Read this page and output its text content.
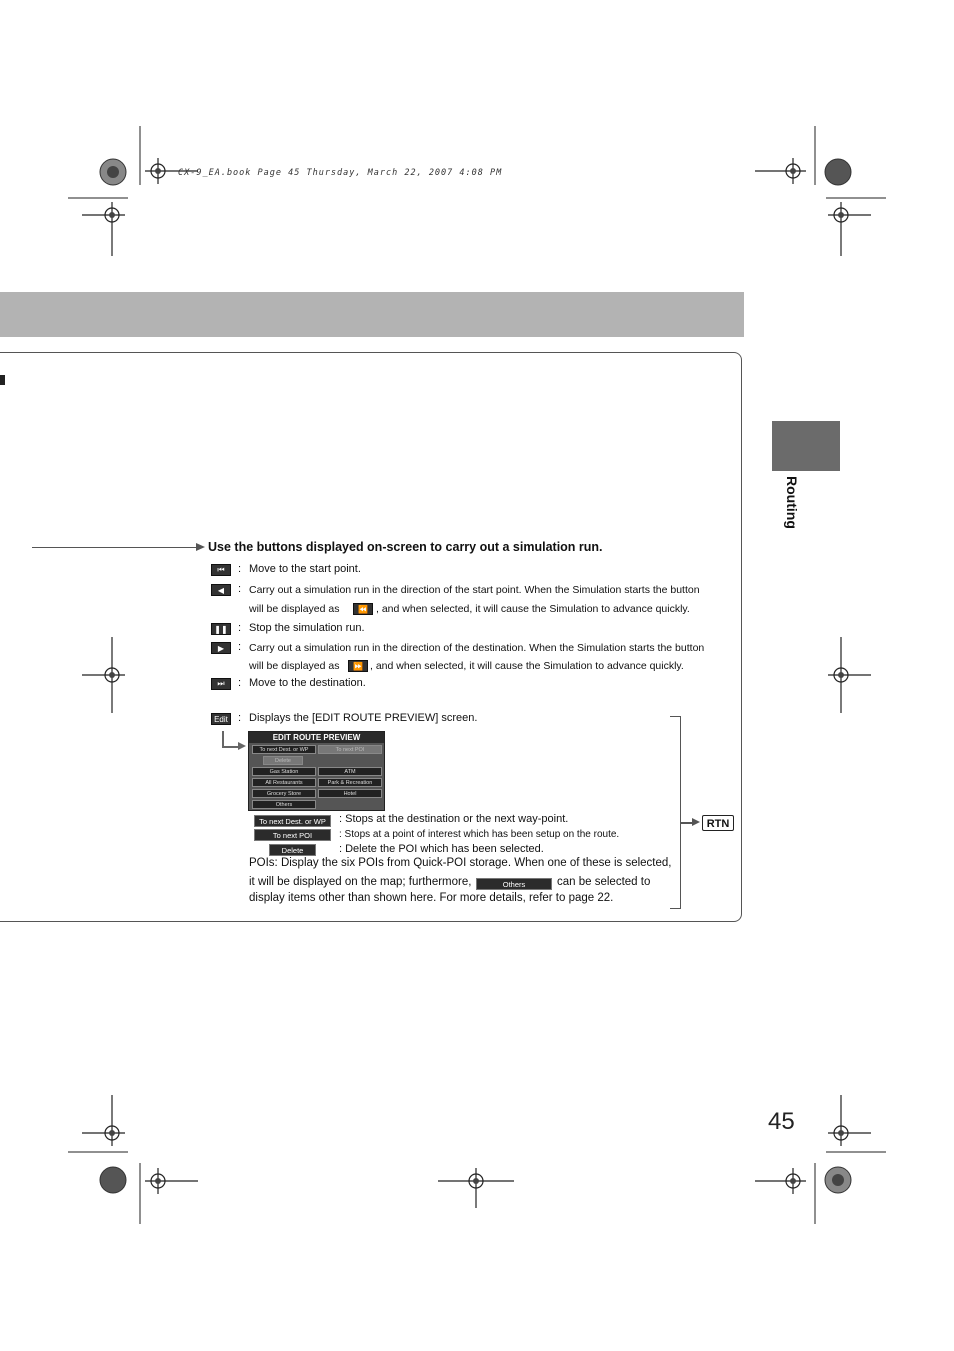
CX-9_EA.book Page 45 Thursday, March 22, 2007 4:08 PM
Routing
Use the buttons displayed on-screen to carry out a simulation run.
⏮	: Move to the start point.
◀	: Carry out a simulation run in the direction of the start point. When the Simulation starts the button
will be displayed as	⏪ , and when selected, it will cause the Simulation to advance quickly.
❚❚ : Stop the simulation run.
▶	: Carry out a simulation run in the direction of the destination. When the Simulation starts the button
will be displayed as	⏩ , and when selected, it will cause the Simulation to advance quickly.
⏭	: Move to the destination.
Edit : Displays the [EDIT ROUTE PREVIEW] screen.
EDIT ROUTE PREVIEW
To next Dest. or WP	To next POI
Delete
Gas Station	ATM
All Restaurants	Park & Recreation
Grocery Store	Hotel
Others
To next Dest. or WP	: Stops at the destination or the next way-point.
To next POI	: Stops at a point of interest which has been setup on the route.
Delete	: Delete the POI which has been selected.
POIs: Display the six POIs from Quick-POI storage. When one of these is selected,
it will be displayed on the map; furthermore,	Others	can be selected to
display items other than shown here. For more details, refer to page 22.
RTN
45
